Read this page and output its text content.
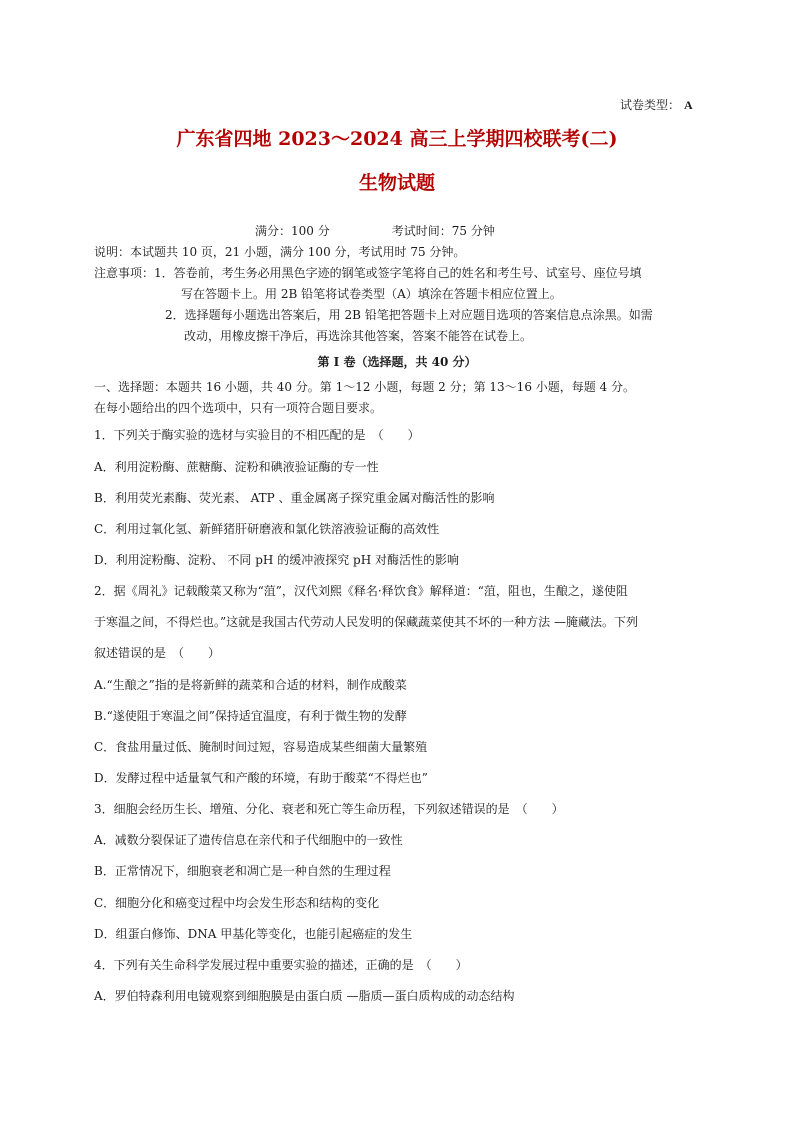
试卷类型： A
广东省四地 2023～2024 高三上学期四校联考(二)
生物试题
满分：100 分	考试时间：75 分钟
说明：本试题共 10 页，21 小题，满分 100 分，考试用时 75 分钟。
注意事项：1．答卷前，考生务必用黑色字迹的钢笔或签字笔将自己的姓名和考生号、试室号、座位号填
写在答题卡上。用 2B 铅笔将试卷类型（A）填涂在答题卡相应位置上。
2．选择题每小题选出答案后，用 2B 铅笔把答题卡上对应题目选项的答案信息点涂黑。如需
改动，用橡皮擦干净后，再选涂其他答案，答案不能答在试卷上。
第 I 卷（选择题，共 40 分）
一、选择题：本题共 16 小题，共 40 分。第 1～12 小题，每题 2 分；第 13～16 小题，每题 4 分。
在每小题给出的四个选项中，只有一项符合题目要求。
1．下列关于酶实验的选材与实验目的不相匹配的是　（　　）
A．利用淀粉酶、蔗糖酶、淀粉和碘液验证酶的专一性
B．利用荧光素酶、荧光素、 ATP 、重金属离子探究重金属对酶活性的影响
C．利用过氧化氢、新鲜猪肝研磨液和氯化铁溶液验证酶的高效性
D．利用淀粉酶、淀粉、 不同 pH 的缓冲液探究 pH 对酶活性的影响
2．据《周礼》记载酸菜又称为“菹”，汉代刘熙《释名·释饮食》解释道：“菹，阻也，生酿之，遂使阻
于寒温之间，不得烂也。”这就是我国古代劳动人民发明的保藏蔬菜使其不坏的一种方法 —腌藏法。下列
叙述错误的是　（　　）
A.“生酿之”指的是将新鲜的蔬菜和合适的材料，制作成酸菜
B.“遂使阻于寒温之间”保持适宜温度，有利于微生物的发酵
C．食盐用量过低、腌制时间过短，容易造成某些细菌大量繁殖
D．发酵过程中适量氧气和产酸的环境，有助于酸菜“不得烂也”
3．细胞会经历生长、增殖、分化、衰老和死亡等生命历程，下列叙述错误的是　（　　）
A．减数分裂保证了遗传信息在亲代和子代细胞中的一致性
B．正常情况下，细胞衰老和凋亡是一种自然的生理过程
C．细胞分化和癌变过程中均会发生形态和结构的变化
D．组蛋白修饰、DNA 甲基化等变化，也能引起癌症的发生
4．下列有关生命科学发展过程中重要实验的描述，正确的是　（　　）
A．罗伯特森利用电镜观察到细胞膜是由蛋白质 —脂质—蛋白质构成的动态结构
